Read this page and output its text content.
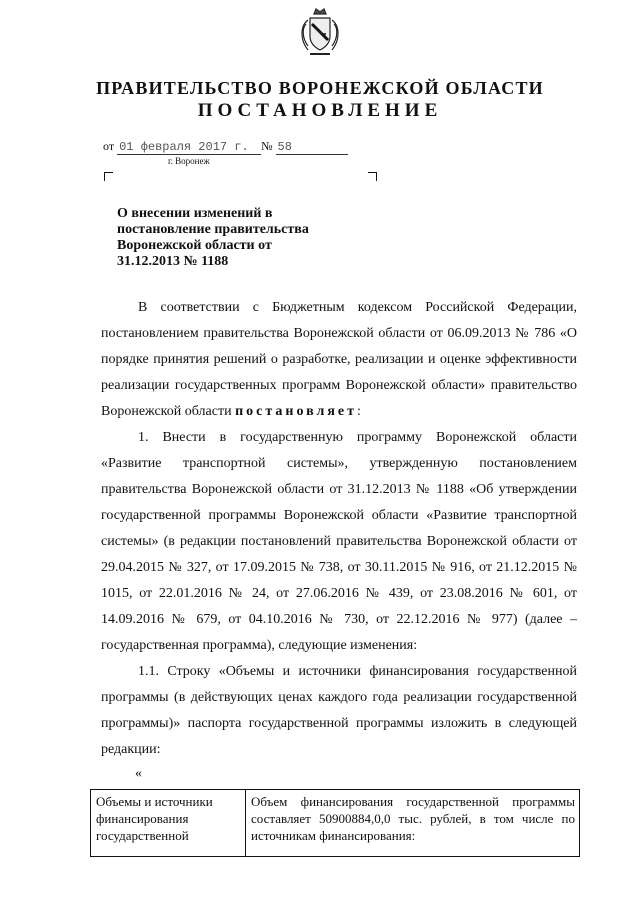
ПРАВИТЕЛЬСТВО ВОРОНЕЖСКОЙ ОБЛАСТИ
ПОСТАНОВЛЕНИЕ
от 01 февраля 2017 г. № 58
г. Воронеж
О внесении изменений в
постановление правительства
Воронежской области от
31.12.2013 № 1188

В соответствии с Бюджетным кодексом Российской Федерации, постановлением правительства Воронежской области от 06.09.2013 № 786 «О порядке принятия решений о разработке, реализации и оценке эффективности реализации государственных программ Воронежской области» правительство Воронежской области постановляет:

1. Внести в государственную программу Воронежской области «Развитие транспортной системы», утвержденную постановлением правительства Воронежской области от 31.12.2013 № 1188 «Об утверждении государственной программы Воронежской области «Развитие транспортной системы» (в редакции постановлений правительства Воронежской области от 29.04.2015 № 327, от 17.09.2015 № 738, от 30.11.2015 № 916, от 21.12.2015 № 1015, от 22.01.2016 № 24, от 27.06.2016 № 439, от 23.08.2016 № 601, от 14.09.2016 № 679, от 04.10.2016 № 730, от 22.12.2016 № 977) (далее – государственная программа), следующие изменения:

1.1. Строку «Объемы и источники финансирования государственной программы (в действующих ценах каждого года реализации государственной программы)» паспорта государственной программы изложить в следующей редакции:

«
Объемы и источники финансирования государственной	Объем финансирования государственной программы составляет 50900884,0,0 тыс. рублей, в том числе по источникам финансирования:
